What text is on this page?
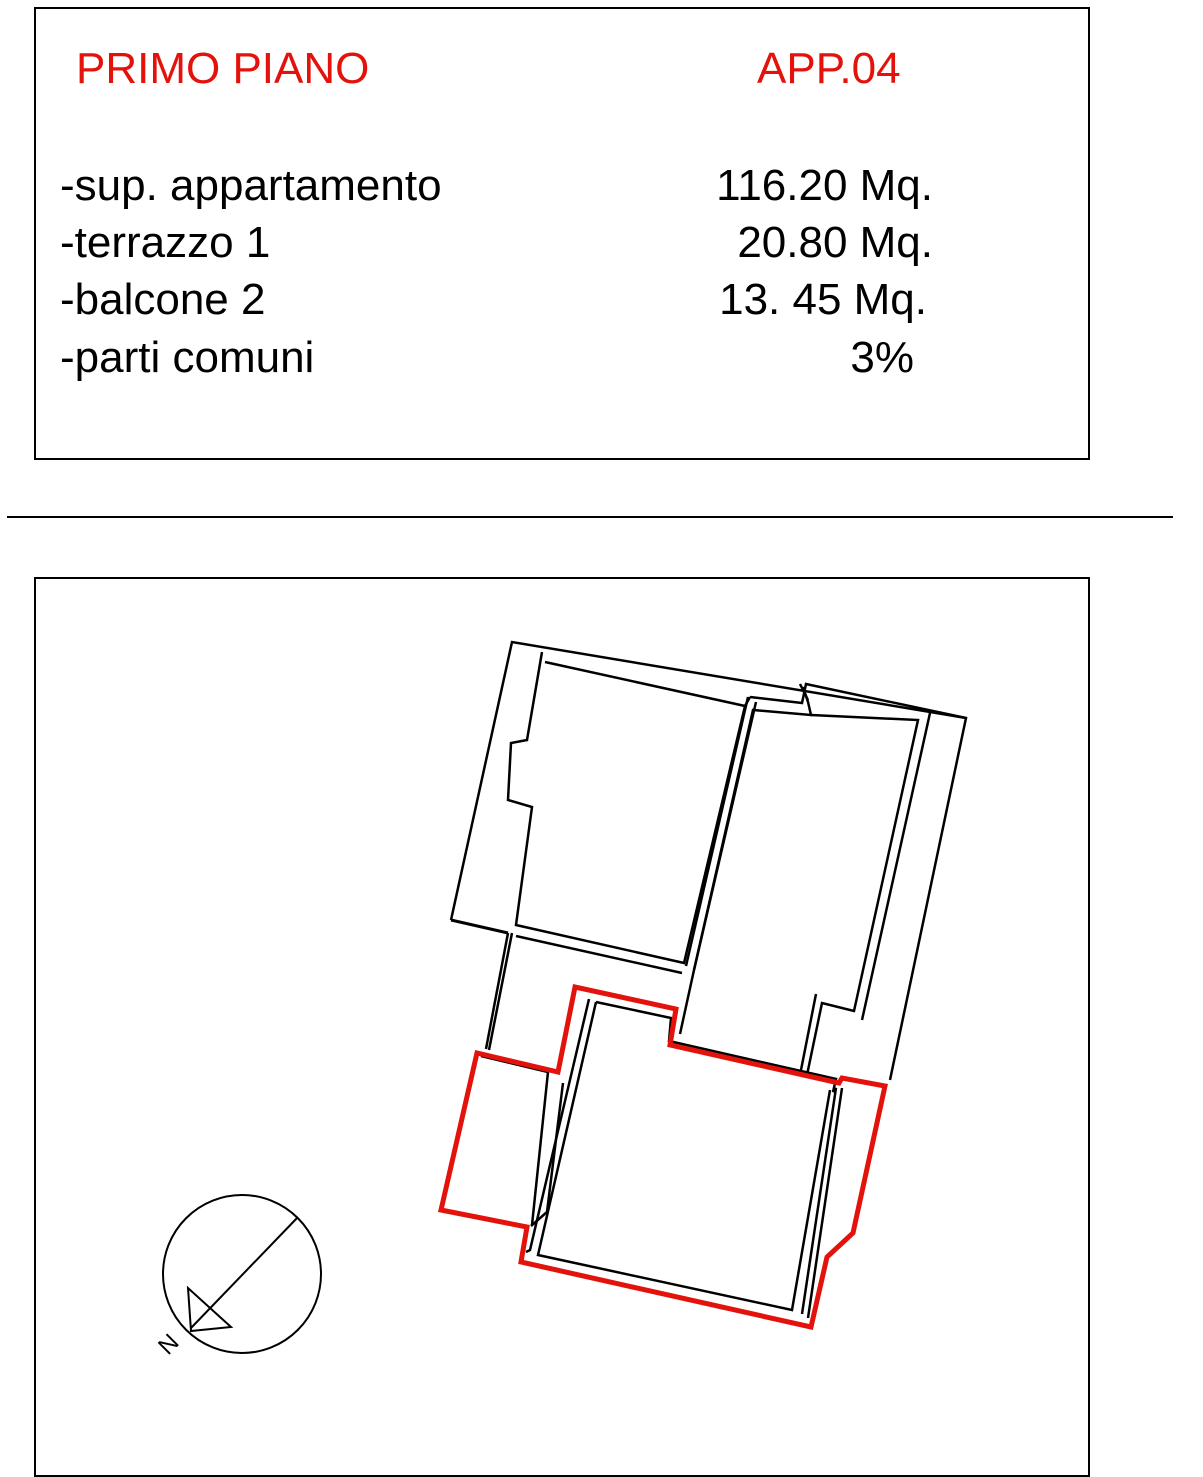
PRIMO PIANO	APP.04
-sup. appartamento	116.20 Mq.
-terrazzo 1	20.80 Mq.
-balcone 2	13. 45 Mq.
-parti comuni	3%
N
